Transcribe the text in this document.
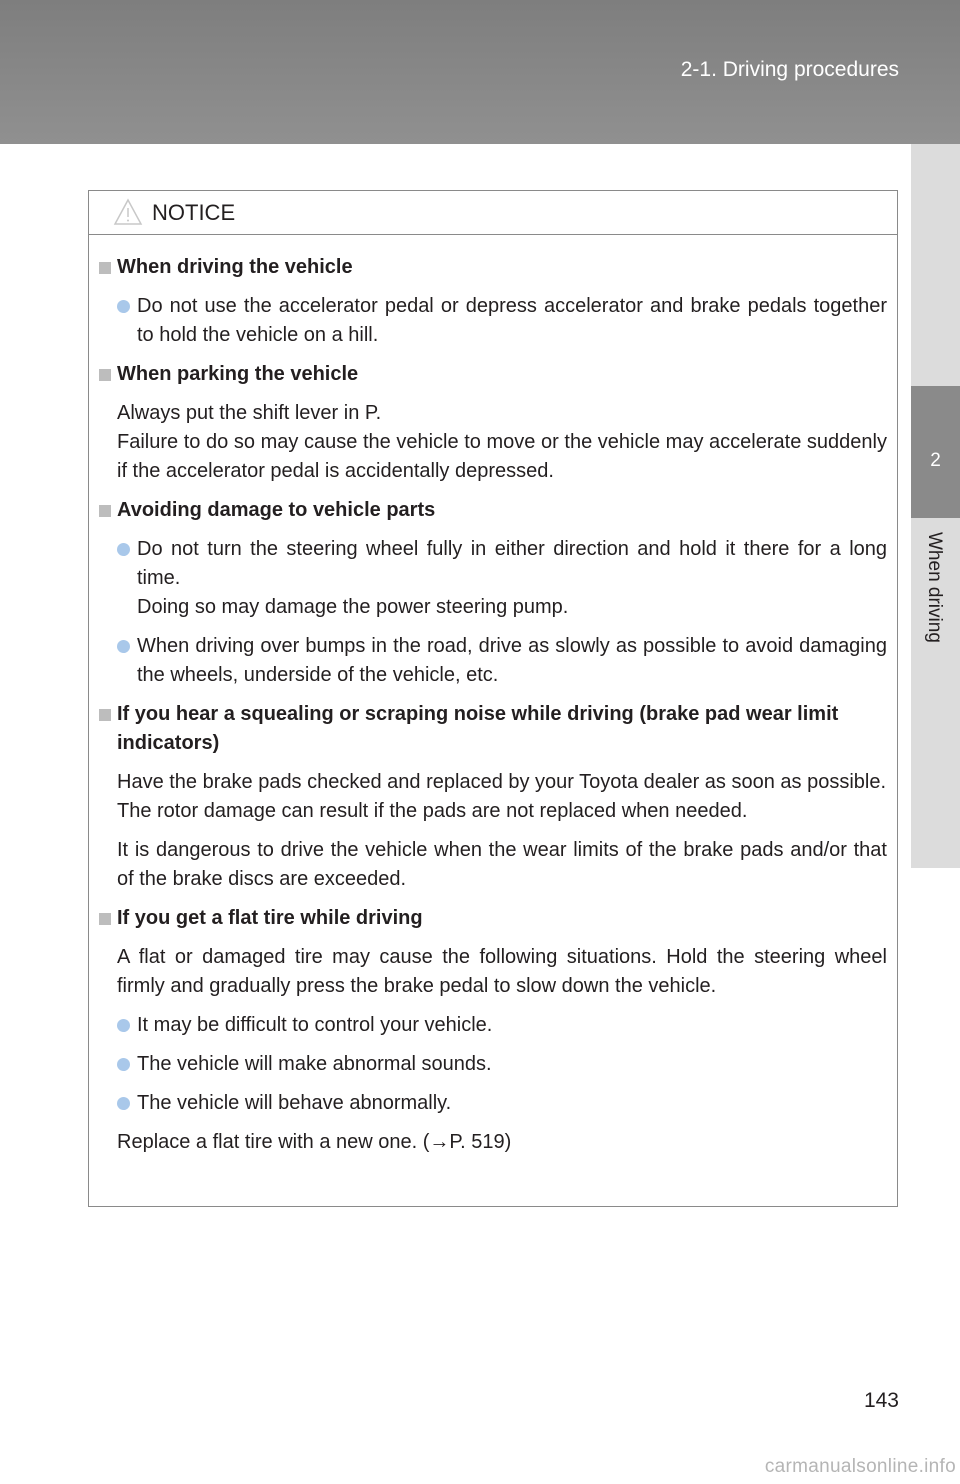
2-1. Driving procedures
2
When driving
NOTICE
When driving the vehicle
Do not use the accelerator pedal or depress accelerator and brake pedals together to hold the vehicle on a hill.
When parking the vehicle
Always put the shift lever in P.
Failure to do so may cause the vehicle to move or the vehicle may accelerate suddenly if the accelerator pedal is accidentally depressed.
Avoiding damage to vehicle parts
Do not turn the steering wheel fully in either direction and hold it there for a long time.
Doing so may damage the power steering pump.
When driving over bumps in the road, drive as slowly as possible to avoid damaging the wheels, underside of the vehicle, etc.
If you hear a squealing or scraping noise while driving (brake pad wear limit indicators)
Have the brake pads checked and replaced by your Toyota dealer as soon as possible.
The rotor damage can result if the pads are not replaced when needed.
It is dangerous to drive the vehicle when the wear limits of the brake pads and/or that of the brake discs are exceeded.
If you get a flat tire while driving
A flat or damaged tire may cause the following situations. Hold the steering wheel firmly and gradually press the brake pedal to slow down the vehicle.
It may be difficult to control your vehicle.
The vehicle will make abnormal sounds.
The vehicle will behave abnormally.
Replace a flat tire with a new one. (→P. 519)
143
carmanualsonline.info
